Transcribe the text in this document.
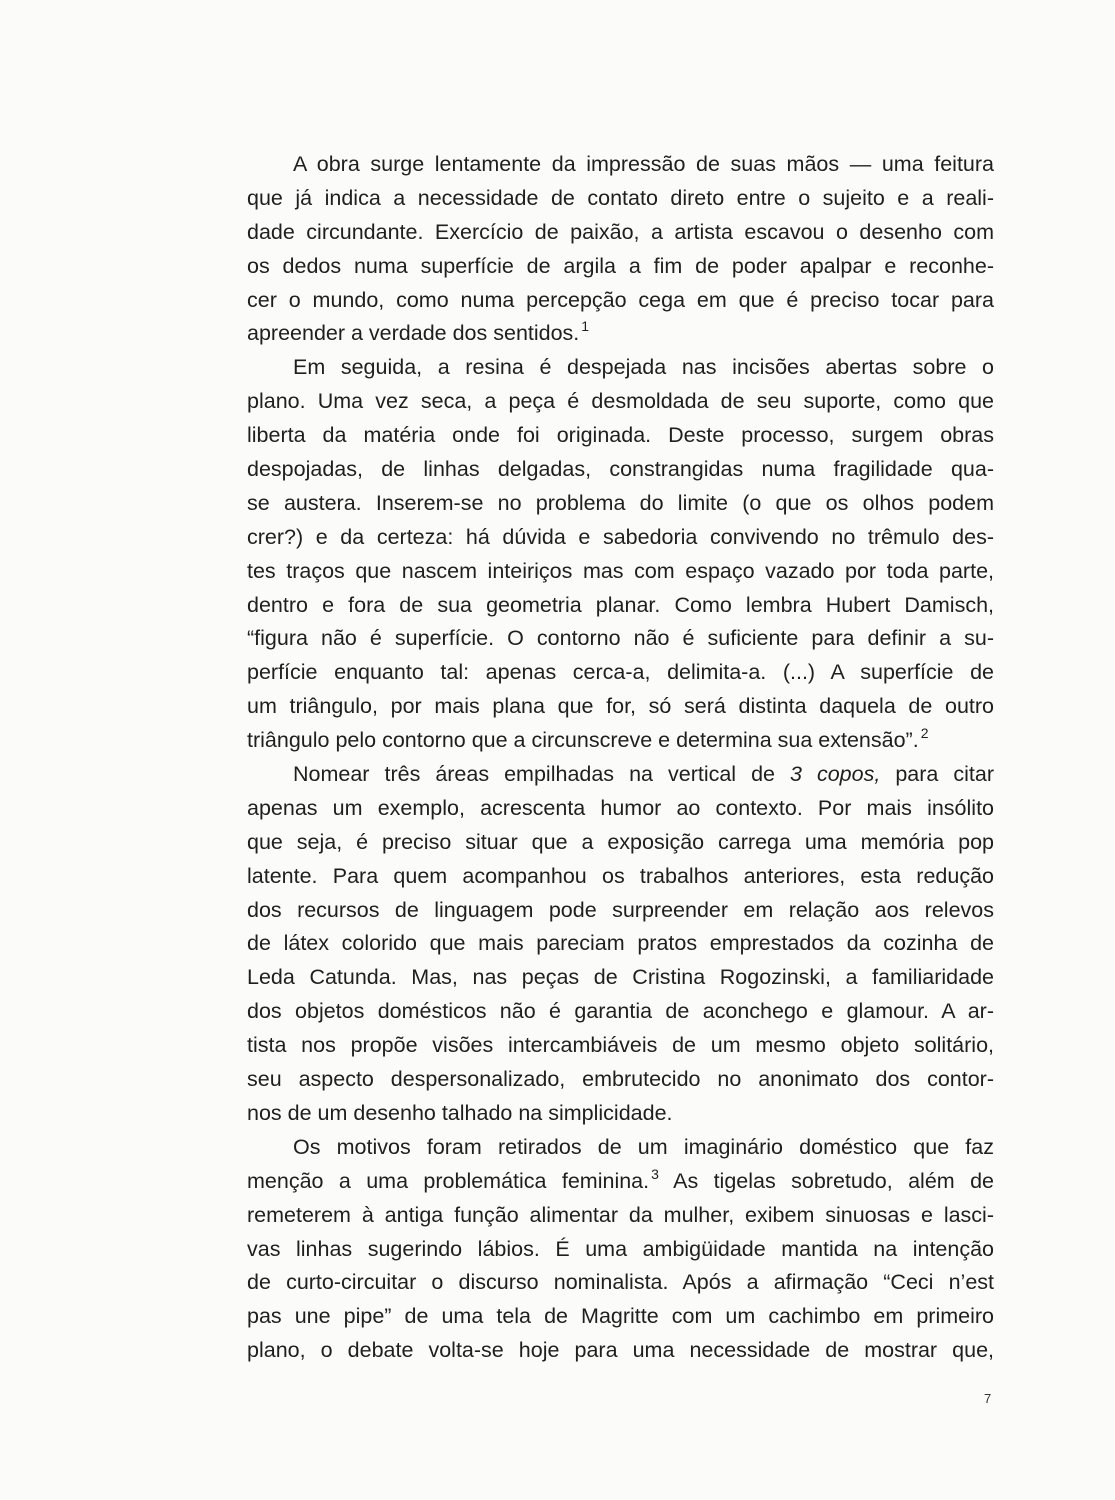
A obra surge lentamente da impressão de suas mãos — uma feitura
que já indica a necessidade de contato direto entre o sujeito e a reali-
dade circundante. Exercício de paixão, a artista escavou o desenho com
os dedos numa superfície de argila a fim de poder apalpar e reconhe-
cer o mundo, como numa percepção cega em que é preciso tocar para
apreender a verdade dos sentidos. $^1$
Em seguida, a resina é despejada nas incisões abertas sobre o
plano. Uma vez seca, a peça é desmoldada de seu suporte, como que
liberta da matéria onde foi originada. Deste processo, surgem obras
despojadas, de linhas delgadas, constrangidas numa fragilidade qua-
se austera. Inserem-se no problema do limite (o que os olhos podem
crer?) e da certeza: há dúvida e sabedoria convivendo no trêmulo des-
tes traços que nascem inteiriços mas com espaço vazado por toda parte,
dentro e fora de sua geometria planar. Como lembra Hubert Damisch,
“figura não é superfície. O contorno não é suficiente para definir a su-
perfície enquanto tal: apenas cerca-a, delimita-a. (...) A superfície de
um triângulo, por mais plana que for, só será distinta daquela de outro
triângulo pelo contorno que a circunscreve e determina sua extensão”. $^2$
Nomear três áreas empilhadas na vertical de 3 copos, para citar
apenas um exemplo, acrescenta humor ao contexto. Por mais insólito
que seja, é preciso situar que a exposição carrega uma memória pop
latente. Para quem acompanhou os trabalhos anteriores, esta redução
dos recursos de linguagem pode surpreender em relação aos relevos
de látex colorido que mais pareciam pratos emprestados da cozinha de
Leda Catunda. Mas, nas peças de Cristina Rogozinski, a familiaridade
dos objetos domésticos não é garantia de aconchego e glamour. A ar-
tista nos propõe visões intercambiáveis de um mesmo objeto solitário,
seu aspecto despersonalizado, embrutecido no anonimato dos contor-
nos de um desenho talhado na simplicidade.
Os motivos foram retirados de um imaginário doméstico que faz
menção a uma problemática feminina. $^3$ As tigelas sobretudo, além de
remeterem à antiga função alimentar da mulher, exibem sinuosas e lasci-
vas linhas sugerindo lábios. É uma ambigüidade mantida na intenção
de curto-circuitar o discurso nominalista. Após a afirmação “Ceci n’est
pas une pipe” de uma tela de Magritte com um cachimbo em primeiro
plano, o debate volta-se hoje para uma necessidade de mostrar que,
7
